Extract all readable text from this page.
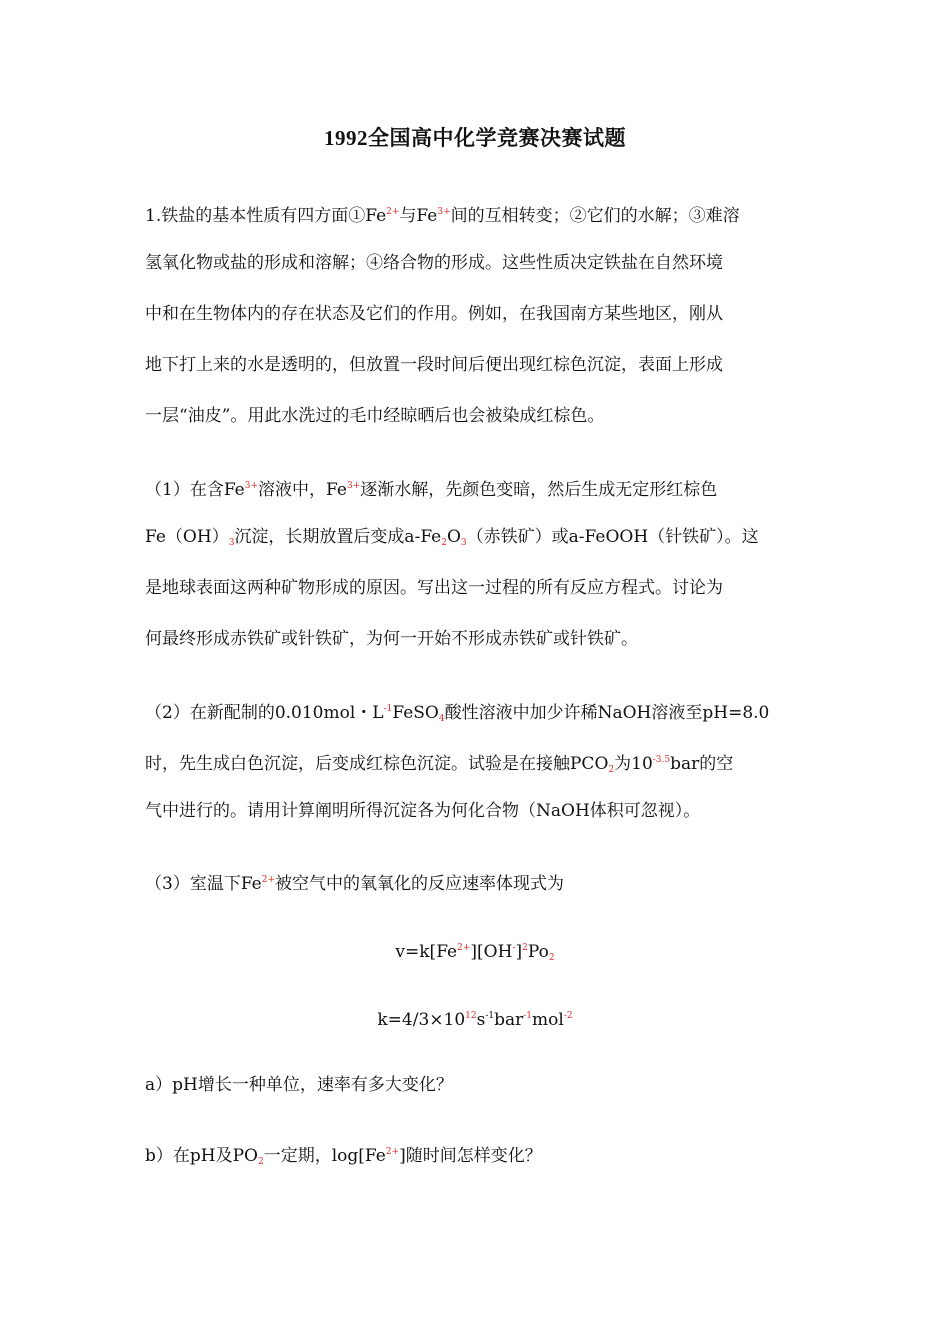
1992全国高中化学竞赛决赛试题
1.铁盐的基本性质有四方面$①Fe^{2+}$与$Fe^{3+}$间的互相转变；②它们的水解；③难溶
氢氧化物或盐的形成和溶解；④络合物的形成。这些性质决定铁盐在自然环境
中和在生物体内的存在状态及它们的作用。例如，在我国南方某些地区，刚从
地下打上来的水是透明的，但放置一段时间后便出现红棕色沉淀，表面上形成
一层“油皮”。用此水洗过的毛巾经晾晒后也会被染成红棕色。
（1）在含$Fe^{3+}$溶液中，$Fe^{3+}$逐渐水解，先颜色变暗，然后生成无定形红棕色
$Fe(OH)_3$沉淀，长期放置后变成$a-Fe_2O_3$（赤铁矿）或a-FeOOH（针铁矿）。这
是地球表面这两种矿物形成的原因。写出这一过程的所有反应方程式。讨论为
何最终形成赤铁矿或针铁矿，为何一开始不形成赤铁矿或针铁矿。
（2）在新配制的0.010mol・$L^{-1}FeSO_4$酸性溶液中加少许稀NaOH溶液至pH=8.0
时，先生成白色沉淀，后变成红棕色沉淀。试验是在接触$PCO_2$为$10^{-3.5}bar$的空
气中进行的。请用计算阐明所得沉淀各为何化合物（NaOH体积可忽视）。
（3）室温下$Fe^{2+}$被空气中的氧氧化的反应速率体现式为
$v=k[Fe^{2+}][OH^-]^2Po_2$
$k=4/3\times 10^{12}s^{-1}bar^{-1}mol^{-2}$
a）pH增长一种单位，速率有多大变化？
b）在pH及$PO_2$一定期，$\log[Fe^{2+}]$随时间怎样变化？
